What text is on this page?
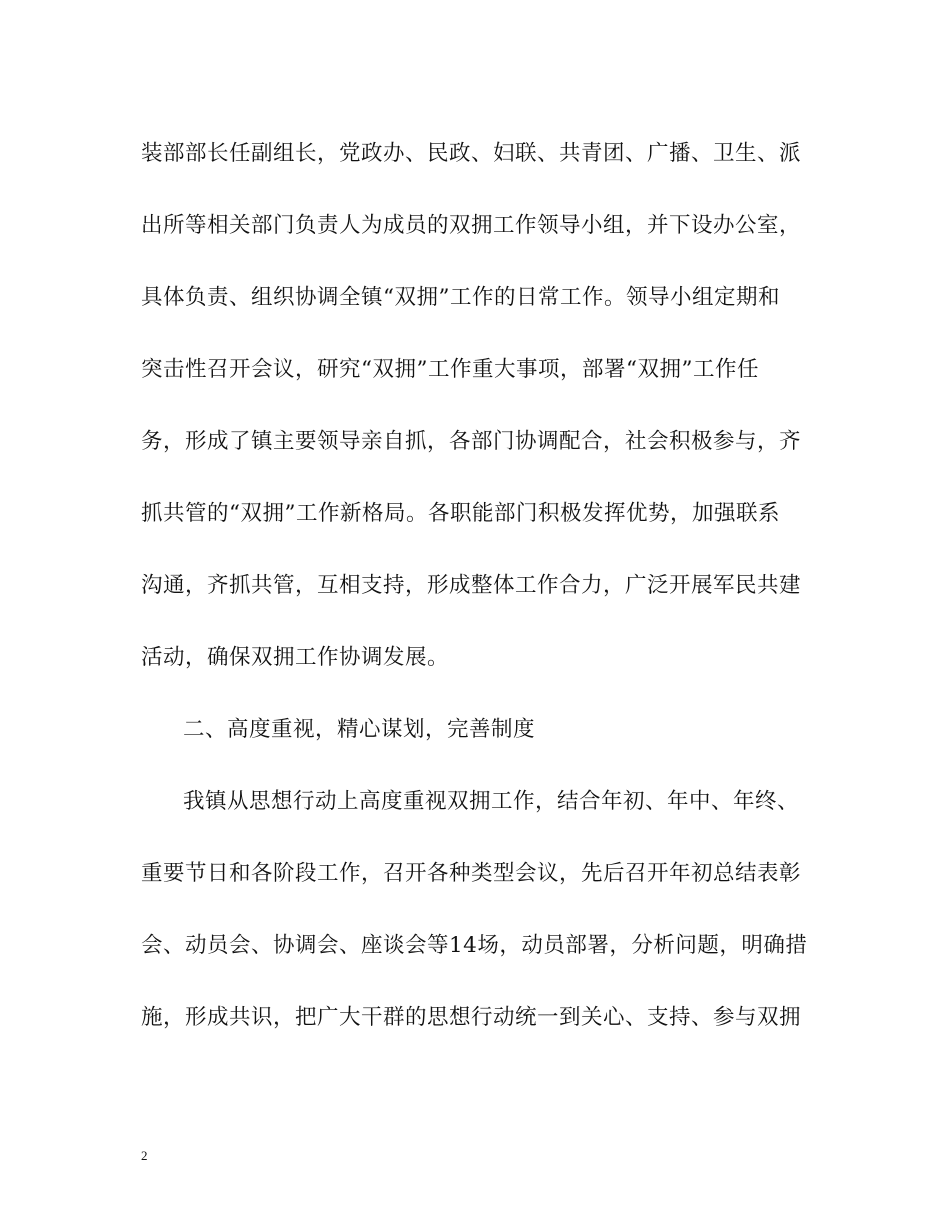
装部部长任副组长，党政办、民政、妇联、共青团、广播、卫生、派
出所等相关部门负责人为成员的双拥工作领导小组，并下设办公室，
具体负责、组织协调全镇“双拥”工作的日常工作。领导小组定期和
突击性召开会议，研究“双拥”工作重大事项，部署“双拥”工作任
务，形成了镇主要领导亲自抓，各部门协调配合，社会积极参与，齐
抓共管的“双拥”工作新格局。各职能部门积极发挥优势，加强联系
沟通，齐抓共管，互相支持，形成整体工作合力，广泛开展军民共建
活动，确保双拥工作协调发展。
二、高度重视，精心谋划，完善制度
我镇从思想行动上高度重视双拥工作，结合年初、年中、年终、
重要节日和各阶段工作，召开各种类型会议，先后召开年初总结表彰
会、动员会、协调会、座谈会等14场，动员部署，分析问题，明确措
施，形成共识，把广大干群的思想行动统一到关心、支持、参与双拥
2
